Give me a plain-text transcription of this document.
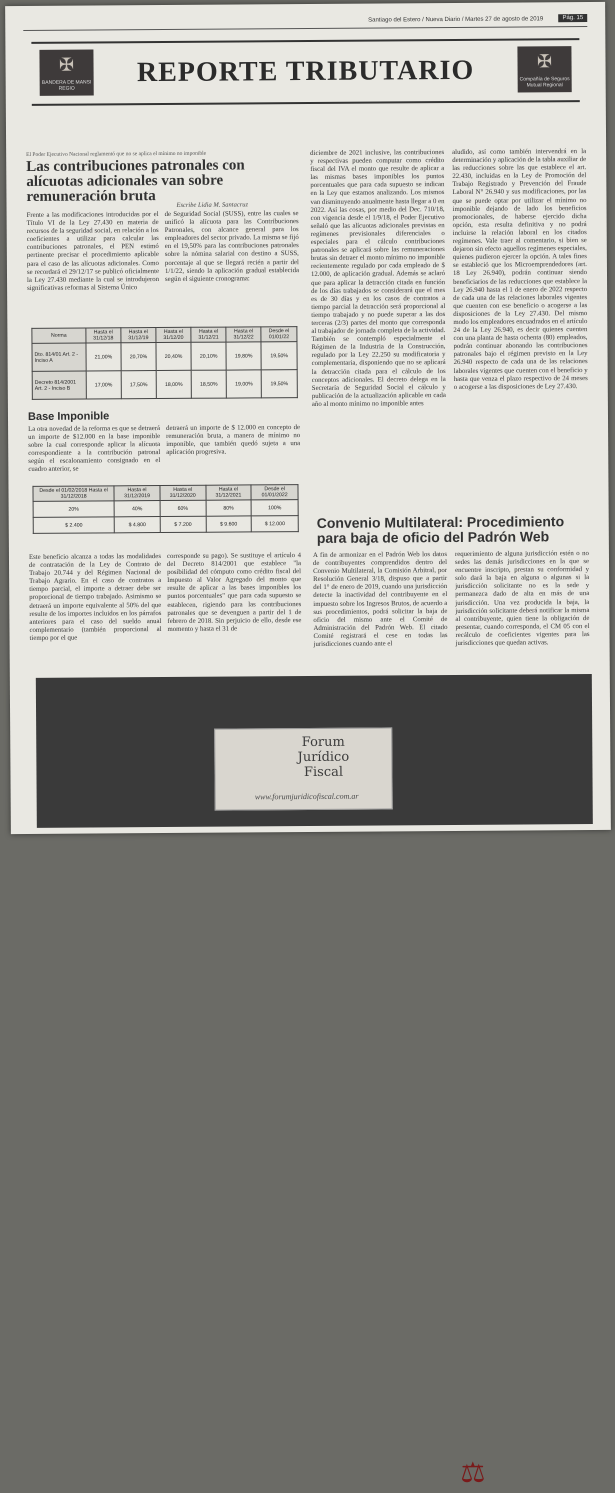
Santiago del Estero / Nueva Diario / Martes 27 de agosto de 2019	Pág. 15
✠
BANDERA DE MANSI REGIO
REPORTE TRIBUTARIO	✠
Compañía de Seguros Mutual Regional
El Poder Ejecutivo Nacional reglamentó que no se aplica el mínimo no imponible
Las contribuciones patronales con alícuotas adicionales van sobre remuneración bruta
Escribe Lidia M. Santacruz
Frente a las modificaciones introducidas por el Título VI de la Ley 27.430 en materia de recursos de la seguridad social, en relación a los coeficientes a utilizar para calcular las contribuciones patronales, el PEN estimó pertinente precisar el procedimiento aplicable para el caso de las alícuotas adicionales. Como se recordará el 29/12/17 se publicó oficialmente la Ley 27.430 mediante la cual se introdujeron significativas reformas al Sistema Único
de Seguridad Social (SUSS), entre las cuales se unificó la alícuota para las Contribuciones Patronales, con alcance general para los empleadores del sector privado. La misma se fijó en el 19,50% para las contribuciones patronales sobre la nómina salarial con destino a SUSS, porcentaje al que se llegará recién a partir del 1/1/22, siendo la aplicación gradual establecida según el siguiente cronograma:
Norma	Hasta el 31/12/18	Hasta el 31/12/19	Hasta el 31/12/20	Hasta el 31/12/21	Hasta el 31/12/22	Desde el 01/01/22
Dto. 814/01 Art. 2 - Inciso A	21,00%	20,70%	20,40%	20,10%	19,80%	19,50%
Decreto 814/2001 Art. 2 - Inciso B	17,00%	17,50%	18,00%	18,50%	19,00%	19,50%
Base Imponible
La otra novedad de la reforma es que se detraerá un importe de $12.000 en la base imponible sobre la cual corresponde aplicar la alícuota correspondiente a la contribución patronal según el escalonamiento consignado en el cuadro anterior, se
detraerá un importe de $ 12.000 en concepto de remuneración bruta, a manera de mínimo no imponible, que también quedó sujeta a una aplicación progresiva.
Desde el 01/02/2018 Hasta el 31/12/2018	Hasta el 31/12/2019	Hasta el 31/12/2020	Hasta el 31/12/2021	Desde el 01/01/2022
20%	40%	60%	80%	100%
$ 2.400	$ 4.800	$ 7.200	$ 9.600	$ 12.000
Este beneficio alcanza a todas las modalidades de contratación de la Ley de Contrato de Trabajo 20.744 y del Régimen Nacional de Trabajo Agrario. En el caso de contratos a tiempo parcial, el importe a detraer debe ser proporcional de tiempo trabajado. Asimismo se detraerá un importe equivalente al 50% del que resulte de los importes incluidos en los párrafos anteriores para el caso del sueldo anual complementario (también proporcional al tiempo por el que
corresponde su pago). Se sustituye el artículo 4 del Decreto 814/2001 que establece "la posibilidad del cómputo como crédito fiscal del Impuesto al Valor Agregado del monto que resulte de aplicar a las bases imponibles los puntos porcentuales" que para cada supuesto se establecen, rigiendo para las contribuciones patronales que se devenguen a partir del 1 de febrero de 2018. Sin perjuicio de ello, desde ese momento y hasta el 31 de
diciembre de 2021 inclusive, las contribuciones y respectivas pueden computar como crédito fiscal del IVA el monto que resulte de aplicar a las mismas bases imponibles los puntos porcentuales que para cada supuesto se indican en la Ley que estamos analizando. Los mismos van disminuyendo anualmente hasta llegar a 0 en 2022. Así las cosas, por medio del Dec. 710/18, con vigencia desde el 1/9/18, el Poder Ejecutivo señaló que las alícuotas adicionales previstas en regímenes previsionales diferenciales o especiales para el cálculo contribuciones patronales se aplicará sobre las remuneraciones brutas sin detraer el monto mínimo no imponible recientemente regulado por cada empleado de $ 12.000, de aplicación gradual. Además se aclaró que para aplicar la detracción citada en función de los días trabajados se considerará que el mes es de 30 días y en los casos de contratos a tiempo parcial la detracción será proporcional al tiempo trabajado y no puede superar a las dos terceras (2/3) partes del monto que corresponda al trabajador de jornada completa de la actividad. También se contempló especialmente el Régimen de la Industria de la Construcción, regulado por la Ley 22.250 su modificatoria y complementaria, disponiendo que no se aplicará la detracción citada para el cálculo de los conceptos adicionales. El decreto delega en la Secretaría de Seguridad Social el cálculo y publicación de la actualización aplicable en cada año al monto mínimo no imponible antes
aludido, así como también intervendrá en la determinación y aplicación de la tabla auxiliar de las reducciones sobre las que establece el art. 22.430, incluidas en la Ley de Promoción del Trabajo Registrado y Prevención del Fraude Laboral N° 26.940 y sus modificaciones, por las que se puede optar por utilizar el mínimo no imponible dejando de lado los beneficios promocionales, de haberse ejercido dicha opción, esta resulta definitiva y no podrá incluirse la relación laboral en los citados regímenes. Vale traer al comentario, si bien se dejaron sin efecto aquellos regímenes especiales, quienes pudieron ejercer la opción. A tales fines se estableció que los Microemprendedores (art. 18 Ley 26.940), podrán continuar siendo beneficiarios de las reducciones que establece la Ley 26.940 hasta el 1 de enero de 2022 respecto de cada una de las relaciones laborales vigentes que cuenten con ese beneficio o acogerse a las disposiciones de la Ley 27.430. Del mismo modo los empleadores encuadrados en el artículo 24 de la Ley 26.940, es decir quienes cuenten con una planta de hasta ochenta (80) empleados, podrán continuar abonando las contribuciones patronales bajo el régimen previsto en la Ley 26.940 respecto de cada una de las relaciones laborales vigentes que cuenten con el beneficio y hasta que venza el plazo respectivo de 24 meses o acogerse a las disposiciones de Ley 27.430.
Convenio Multilateral: Procedimiento para baja de oficio del Padrón Web
A fin de armonizar en el Padrón Web los datos de contribuyentes comprendidos dentro del Convenio Multilateral, la Comisión Arbitral, por Resolución General 3/18, dispuso que a partir del 1° de enero de 2019, cuando una jurisdicción detecte la inactividad del contribuyente en el impuesto sobre los Ingresos Brutos, de acuerdo a sus procedimientos, podrá solicitar la baja de oficio del mismo ante el Comité de Administración del Padrón Web. El citado Comité registrará el cese en todas las jurisdicciones cuando ante el
requerimiento de alguna jurisdicción estén o no sedes las demás jurisdicciones en la que se encuentre inscripto, prestan su conformidad y solo dará la baja en alguna o algunas si la jurisdicción solicitante no es la sede y permanezca dado de alta en más de una jurisdicción. Una vez producida la baja, la jurisdicción solicitante deberá notificar la misma al contribuyente, quien tiene la obligación de presentar, cuando corresponda, el CM 05 con el recálculo de coeficientes vigentes para las jurisdicciones que quedan activas.
⚖
Forum
Jurídico
Fiscal
www.forumjuridicofiscal.com.ar
